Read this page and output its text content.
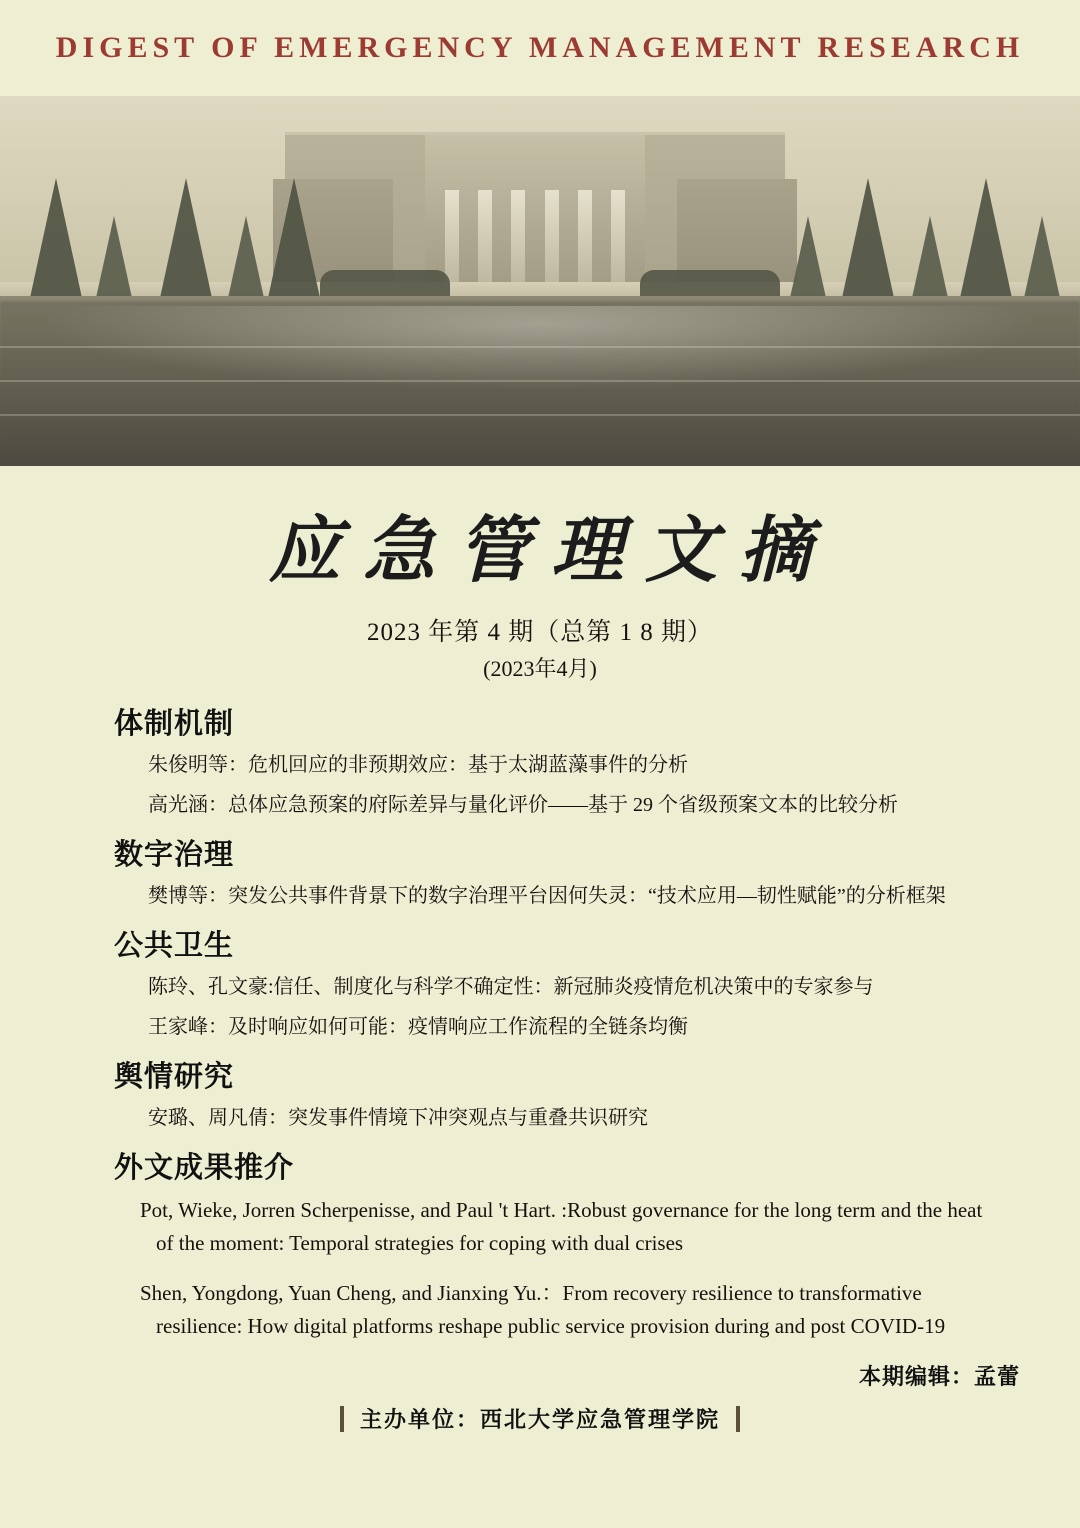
DIGEST OF EMERGENCY MANAGEMENT RESEARCH
应急管理文摘
2023 年第 4 期（总第 1 8 期）
(2023年4月)
体制机制
朱俊明等：危机回应的非预期效应：基于太湖蓝藻事件的分析
高光涵：总体应急预案的府际差异与量化评价——基于 29 个省级预案文本的比较分析
数字治理
樊博等：突发公共事件背景下的数字治理平台因何失灵：“技术应用—韧性赋能”的分析框架
公共卫生
陈玲、孔文豪:信任、制度化与科学不确定性：新冠肺炎疫情危机决策中的专家参与
王家峰：及时响应如何可能：疫情响应工作流程的全链条均衡
舆情研究
安璐、周凡倩：突发事件情境下冲突观点与重叠共识研究
外文成果推介
Pot, Wieke, Jorren Scherpenisse, and Paul 't Hart. :Robust governance for the long term and the heat of the moment: Temporal strategies for coping with dual crises
Shen, Yongdong, Yuan Cheng, and Jianxing Yu.：From recovery resilience to transformative resilience: How digital platforms reshape public service provision during and post COVID-19
本期编辑：孟蕾
主办单位：西北大学应急管理学院
